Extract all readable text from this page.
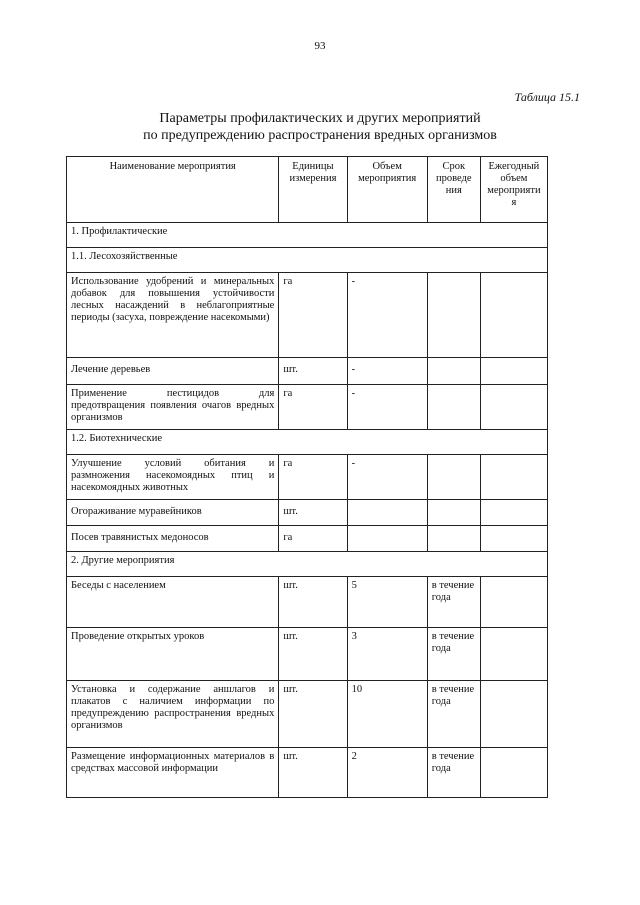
93
Таблица 15.1
Параметры профилактических и других мероприятий
по предупреждению распространения вредных организмов
Наименование мероприятия	Единицы измерения	Объем мероприятия	Срок проведе ния	Ежегодный объем мероприяти я
1. Профилактические				
1.1. Лесохозяйственные				
Использование удобрений и минеральных добавок для повышения устойчивости лесных насаждений в неблагоприятные периоды (засуха, повреждение насекомыми)	га	-		
Лечение деревьев	шт.	-		
Применение пестицидов для предотвращения появления очагов вредных организмов	га	-		
1.2. Биотехнические				
Улучшение условий обитания и размножения насекомоядных птиц и насекомоядных животных	га	-		
Огораживание муравейников	шт.			
Посев травянистых медоносов	га			
2. Другие мероприятия				
Беседы с населением	шт.	5	в течение года	
Проведение открытых уроков	шт.	3	в течение года	
Установка и содержание аншлагов и плакатов с наличием информации по предупреждению распространения вредных организмов	шт.	10	в течение года	
Размещение информационных материалов в средствах массовой информации	шт.	2	в течение года	
